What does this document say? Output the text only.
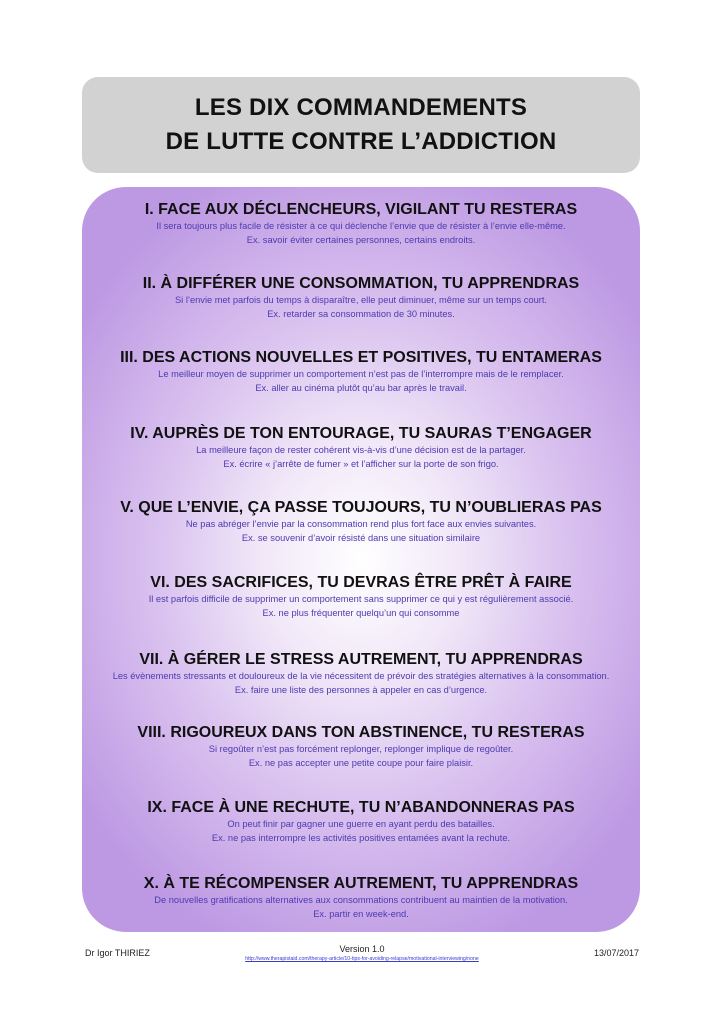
LES DIX COMMANDEMENTS
DE LUTTE CONTRE L’ADDICTION
I. FACE AUX DÉCLENCHEURS, VIGILANT TU RESTERAS
Il sera toujours plus facile de résister à ce qui déclenche l’envie que de résister à l’envie elle-même.
Ex. savoir éviter certaines personnes, certains endroits.
II. À DIFFÉRER UNE CONSOMMATION, TU APPRENDRAS
Si l’envie met parfois du temps à disparaître, elle peut diminuer, même sur un temps court.
Ex. retarder sa consommation de 30 minutes.
III. DES ACTIONS NOUVELLES ET POSITIVES, TU ENTAMERAS
Le meilleur moyen de supprimer un comportement n’est pas de l’interrompre mais de le remplacer.
Ex. aller au cinéma plutôt qu’au bar après le travail.
IV. AUPRÈS DE TON ENTOURAGE, TU SAURAS T’ENGAGER
La meilleure façon de rester cohérent vis-à-vis d’une décision est de la partager.
Ex. écrire « j’arrête de fumer » et l’afficher sur la porte de son frigo.
V. QUE L’ENVIE, ÇA PASSE TOUJOURS, TU N’OUBLIERAS PAS
Ne pas abréger l’envie par la consommation rend plus fort face aux envies suivantes.
Ex. se souvenir d’avoir résisté dans une situation similaire
VI. DES SACRIFICES, TU DEVRAS ÊTRE PRÊT À FAIRE
Il est parfois difficile de supprimer un comportement sans supprimer ce qui y est régulièrement associé.
Ex. ne plus fréquenter quelqu’un qui consomme
VII. À GÉRER LE STRESS AUTREMENT, TU APPRENDRAS
Les évènements stressants et douloureux de la vie nécessitent de prévoir des stratégies alternatives à la consommation.
Ex. faire une liste des personnes à appeler en cas d’urgence.
VIII. RIGOUREUX DANS TON ABSTINENCE, TU RESTERAS
Si regoûter n’est pas forcément replonger, replonger implique de regoûter.
Ex. ne pas accepter une petite coupe pour faire plaisir.
IX. FACE À UNE RECHUTE, TU N’ABANDONNERAS PAS
On peut finir par gagner une guerre en ayant perdu des batailles.
Ex. ne pas interrompre les activités positives entamées avant la rechute.
X. À TE RÉCOMPENSER AUTREMENT, TU APPRENDRAS
De nouvelles gratifications alternatives aux consommations contribuent au maintien de la motivation.
Ex. partir en week-end.
Dr Igor THIRIEZ	Version 1.0
http://www.therapistaid.com/therapy-article/10-tips-for-avoiding-relapse/motivational-interviewing/none
13/07/2017
